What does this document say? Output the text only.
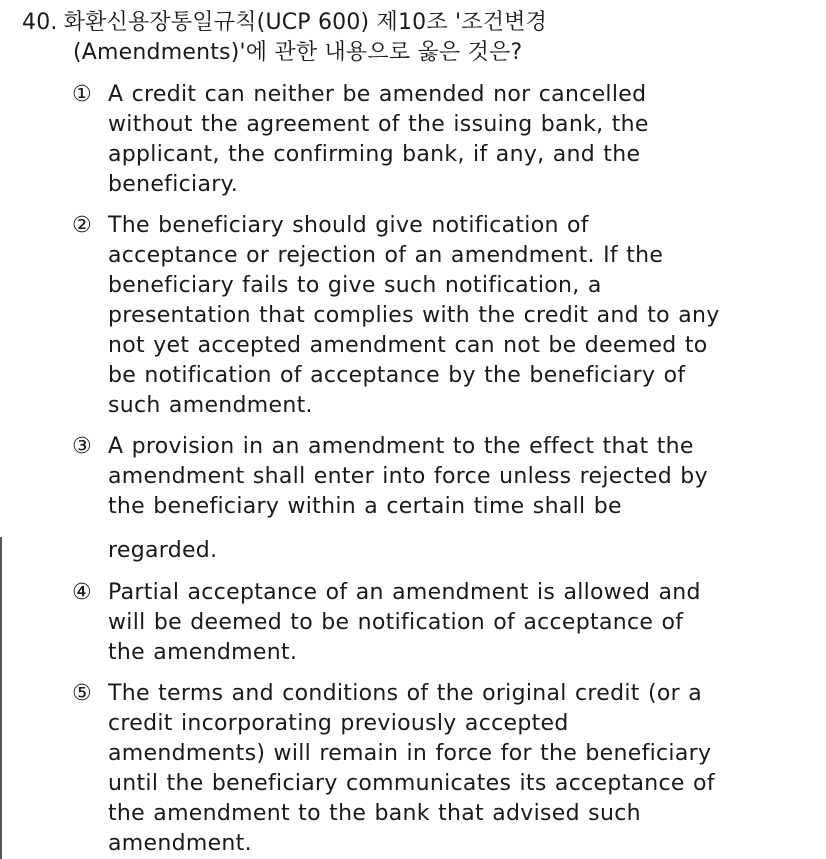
40. 화환신용장통일규칙(UCP 600) 제10조 '조건변경
(Amendments)'에 관한 내용으로 옳은 것은?
① A credit can neither be amended nor cancelled
without the agreement of the issuing bank, the
applicant, the confirming bank, if any, and the
beneficiary.
② The beneficiary should give notification of
acceptance or rejection of an amendment. If the
beneficiary fails to give such notification, a
presentation that complies with the credit and to any
not yet accepted amendment can not be deemed to
be notification of acceptance by the beneficiary of
such amendment.
③ A provision in an amendment to the effect that the
amendment shall enter into force unless rejected by
the beneficiary within a certain time shall be
regarded.
④ Partial acceptance of an amendment is allowed and
will be deemed to be notification of acceptance of
the amendment.
⑤ The terms and conditions of the original credit (or a
credit incorporating previously accepted
amendments) will remain in force for the beneficiary
until the beneficiary communicates its acceptance of
the amendment to the bank that advised such
amendment.
